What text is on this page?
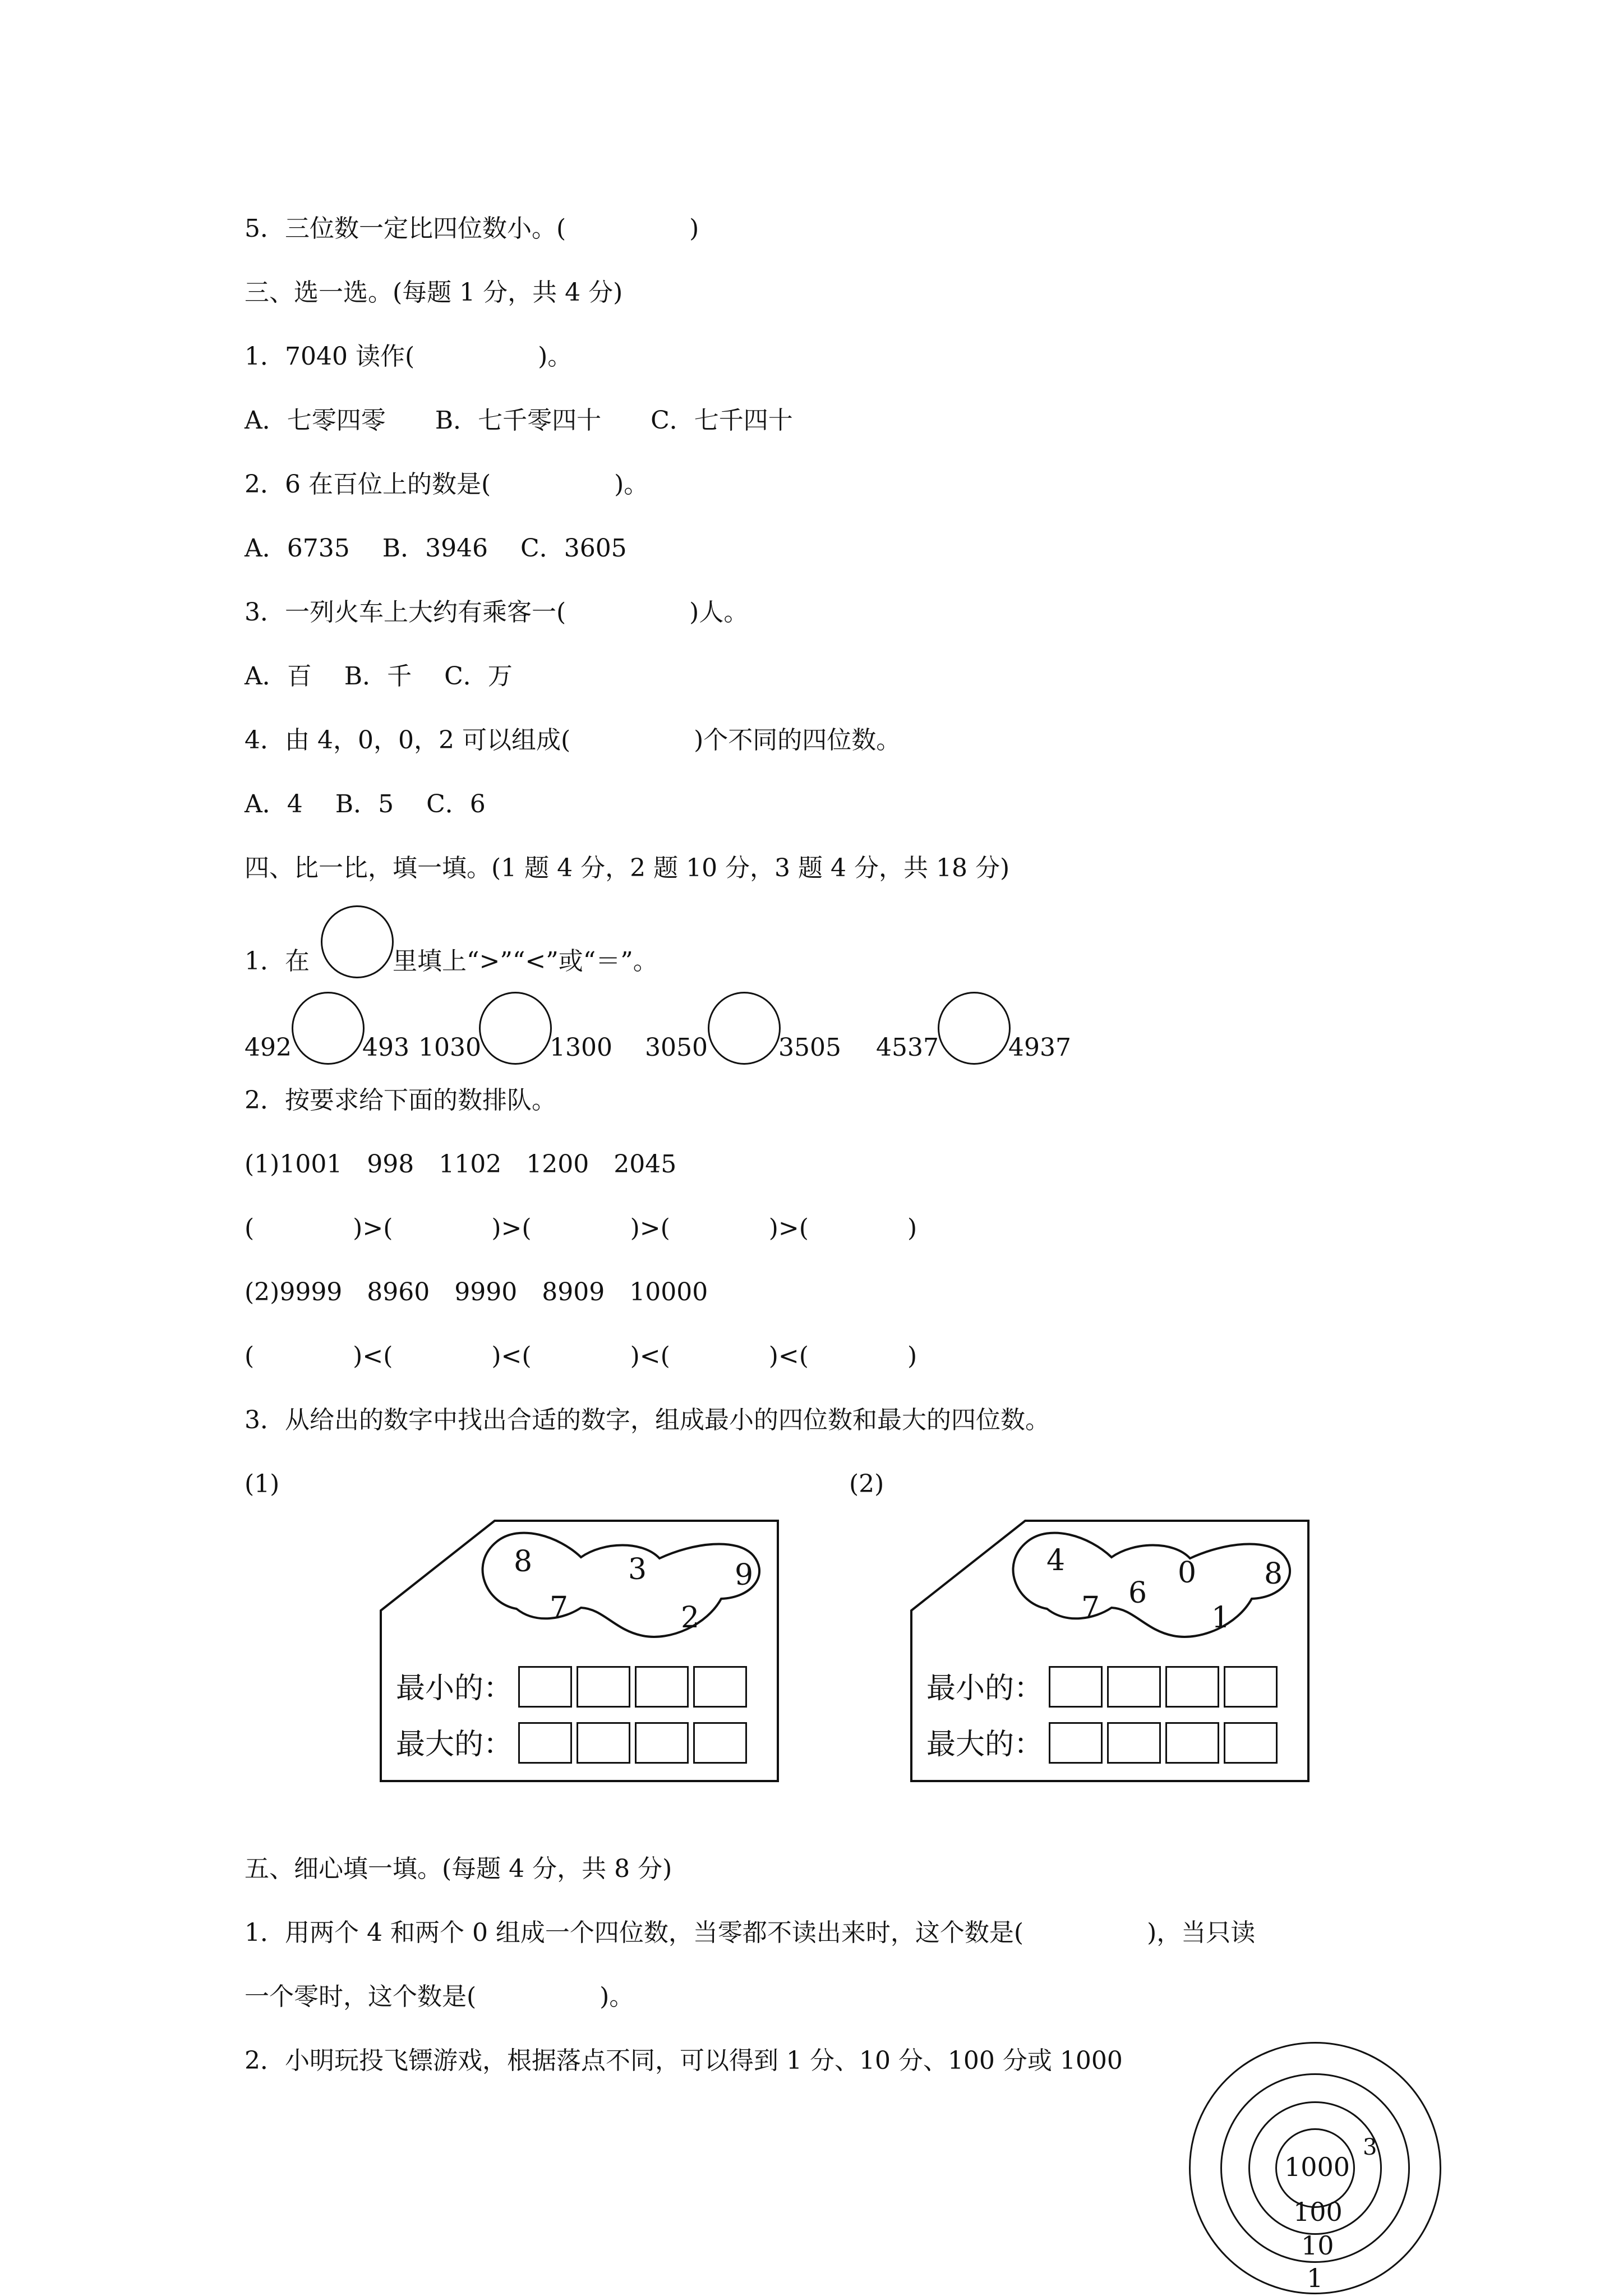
5．三位数一定比四位数小。(　　　　　)
三、选一选。(每题 1 分，共 4 分)
1．7040 读作(　　　　　)。
A．七零四零　　B．七千零四十　　C．七千四十
2．6 在百位上的数是(　　　　　)。
A．6735　 B．3946　 C．3605
3．一列火车上大约有乘客一(　　　　　)人。
A．百　 B．千　 C．万
4．由 4，0，0，2 可以组成(　　　　　)个不同的四位数。
A．4　 B．5　 C．6
四、比一比，填一填。(1 题 4 分，2 题 10 分，3 题 4 分，共 18 分)
1．在	里填上“>”“<”或“＝”。
492	493 1030	1300 3050	3505 4537	4937
2．按要求给下面的数排队。
(1)1001　998　1102　1200　2045
(　　　　)>(　　　　)>(　　　　)>(　　　　)>(　　　　)
(2)9999　8960　9990　8909　10000
(　　　　)<(　　　　)<(　　　　)<(　　　　)<(　　　　)
3．从给出的数字中找出合适的数字，组成最小的四位数和最大的四位数。
(1)	(2)
8	3	9
7	2
最小的：
最大的：
4
6
0 8
7	1
最小的：
最大的：
五、细心填一填。(每题 4 分，共 8 分)
1．用两个 4 和两个 0 组成一个四位数，当零都不读出来时，这个数是(　　　　　)，当只读
一个零时，这个数是(　　　　　)。
2．小明玩投飞镖游戏，根据落点不同，可以得到 1 分、10 分、100 分或 1000
1000
100
10
1
3
